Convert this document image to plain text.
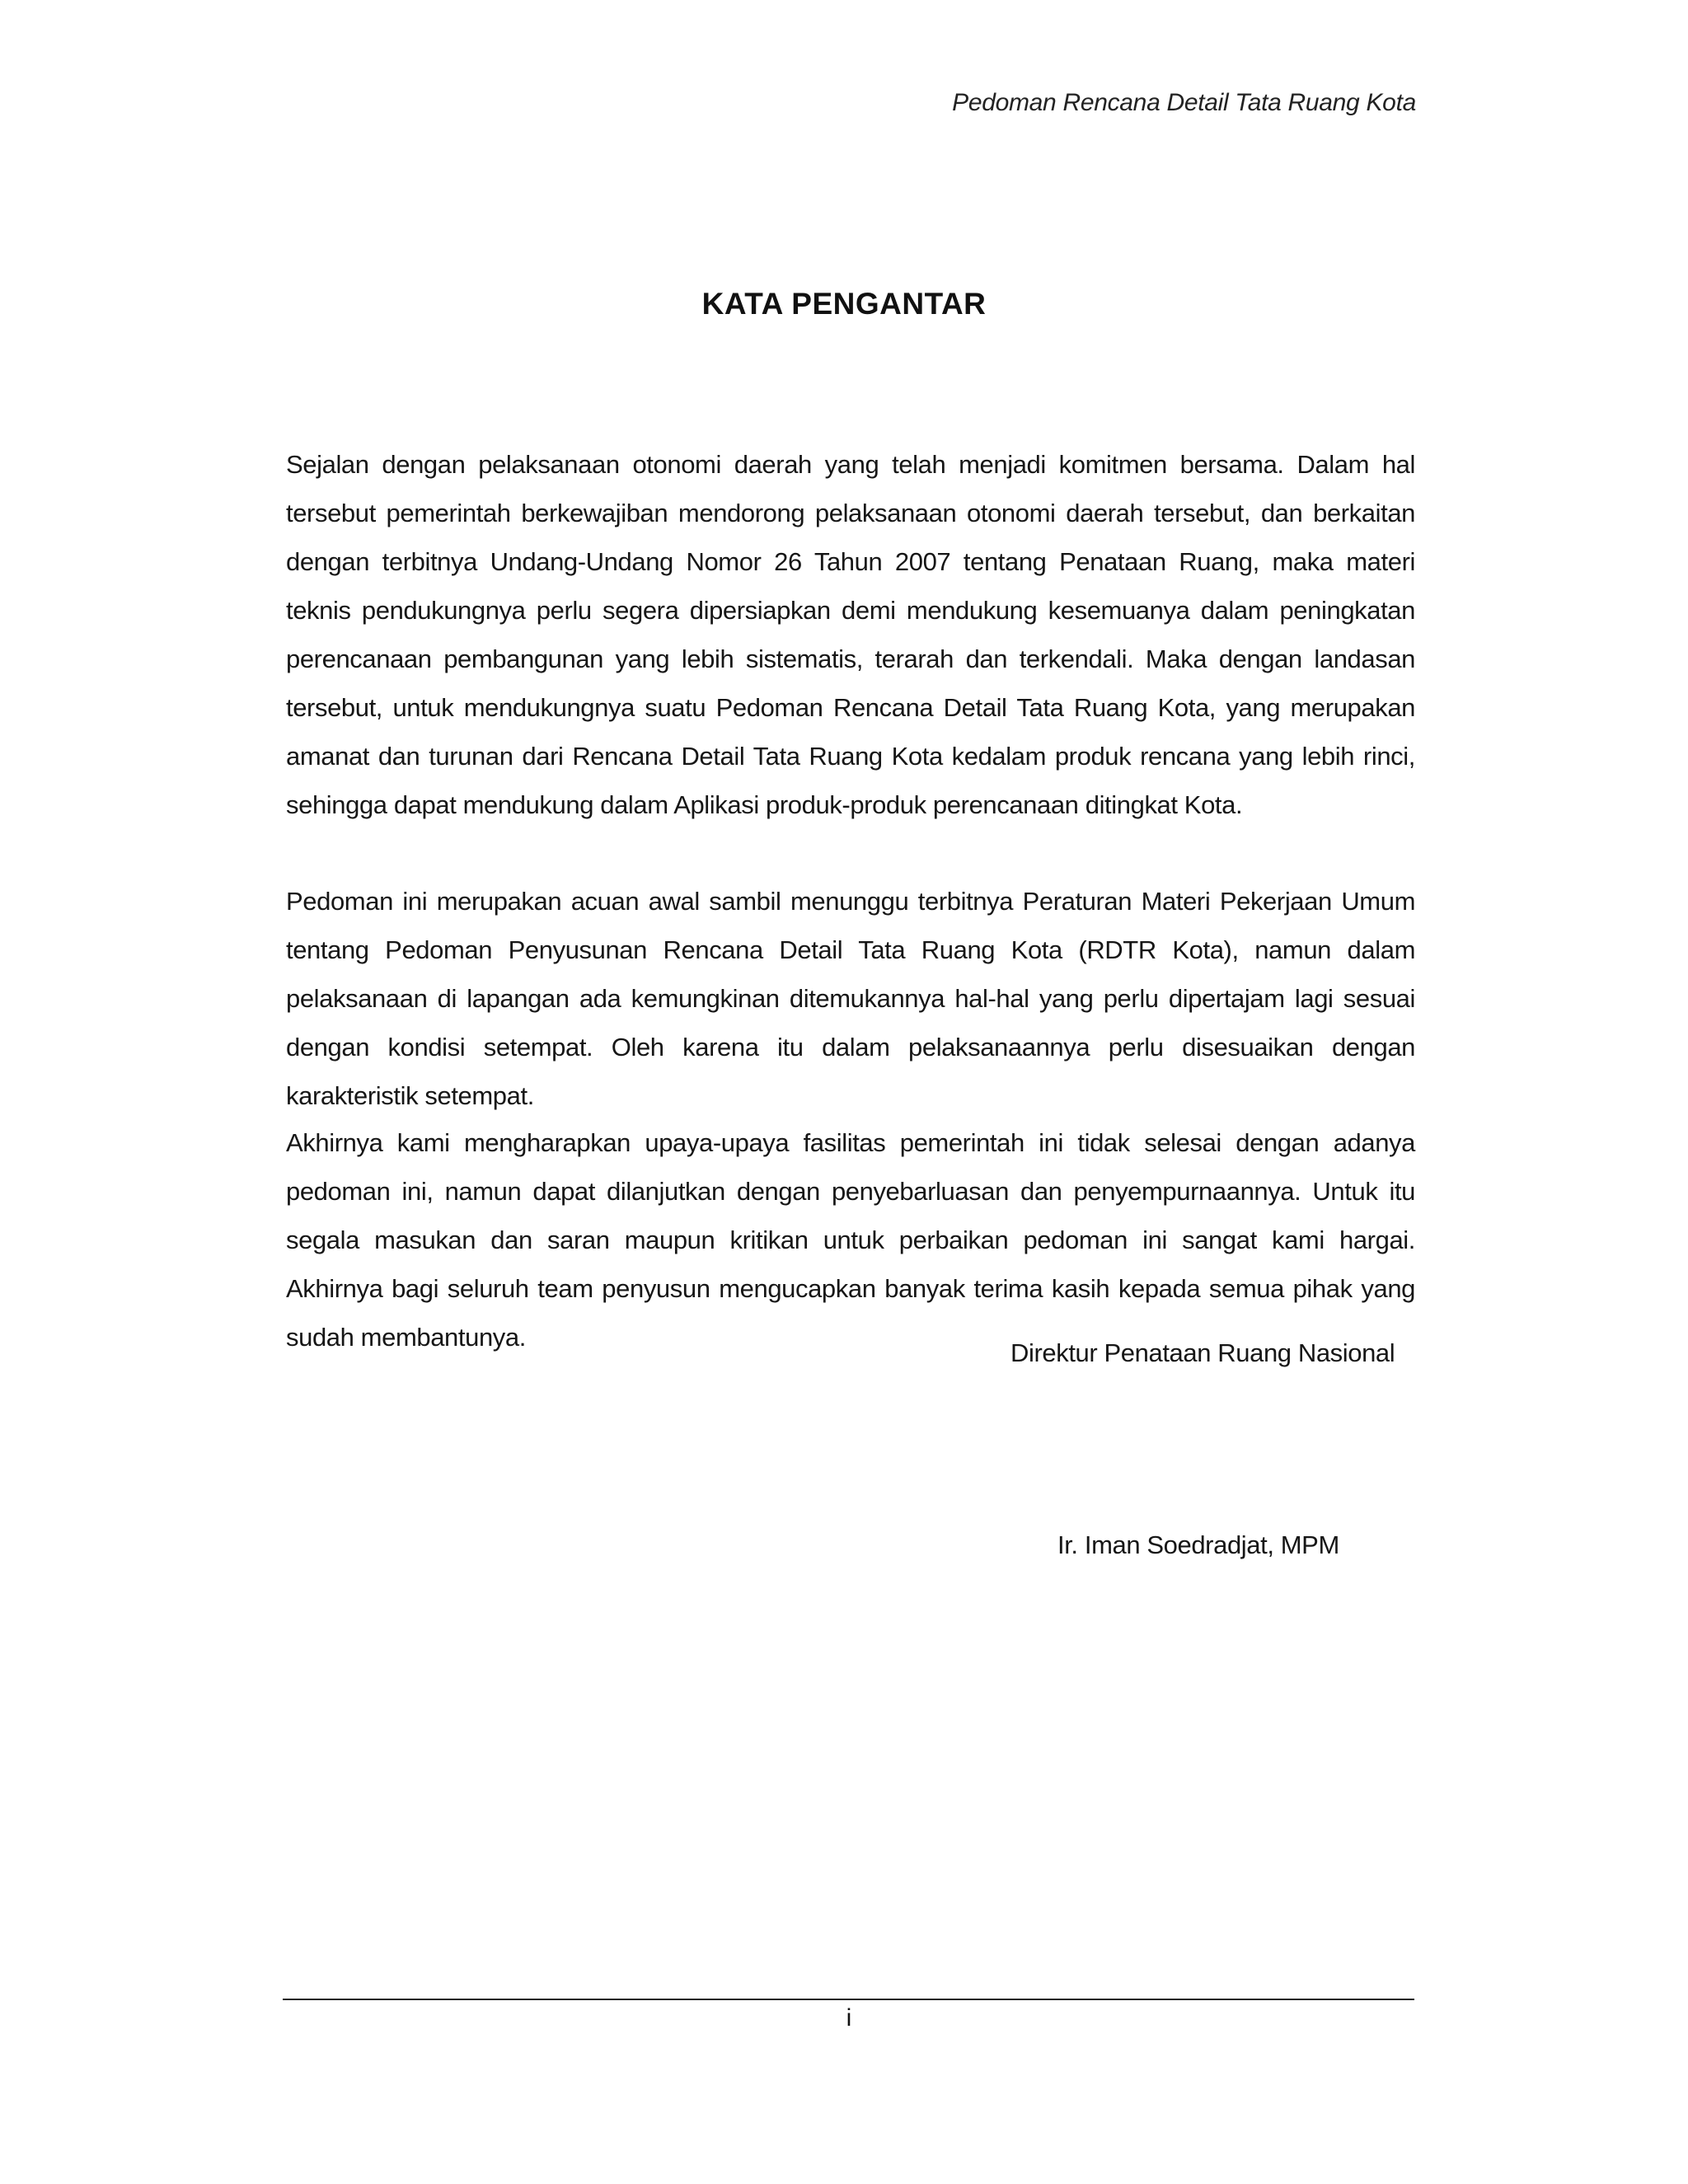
Pedoman Rencana Detail Tata Ruang Kota
KATA PENGANTAR

Sejalan dengan pelaksanaan otonomi daerah yang telah menjadi komitmen bersama. Dalam hal tersebut pemerintah berkewajiban mendorong pelaksanaan otonomi daerah tersebut, dan berkaitan dengan terbitnya Undang-Undang Nomor 26 Tahun 2007 tentang Penataan Ruang, maka materi teknis pendukungnya perlu segera dipersiapkan demi mendukung kesemuanya dalam peningkatan perencanaan pembangunan yang lebih sistematis, terarah dan terkendali. Maka dengan landasan tersebut, untuk mendukungnya suatu Pedoman Rencana Detail Tata Ruang Kota, yang merupakan amanat dan turunan dari Rencana Detail Tata Ruang Kota kedalam produk rencana yang lebih rinci, sehingga dapat mendukung dalam Aplikasi produk-produk perencanaan ditingkat Kota.

Pedoman ini merupakan acuan awal sambil menunggu terbitnya Peraturan Materi Pekerjaan Umum tentang Pedoman Penyusunan Rencana Detail Tata Ruang Kota (RDTR Kota), namun dalam pelaksanaan di lapangan ada kemungkinan ditemukannya hal-hal yang perlu dipertajam lagi sesuai dengan kondisi setempat. Oleh karena itu dalam pelaksanaannya perlu disesuaikan dengan karakteristik setempat.

Akhirnya kami mengharapkan upaya-upaya fasilitas pemerintah ini tidak selesai dengan adanya pedoman ini, namun dapat dilanjutkan dengan penyebarluasan dan penyempurnaannya. Untuk itu segala masukan dan saran maupun kritikan untuk perbaikan pedoman ini sangat kami hargai. Akhirnya bagi seluruh team penyusun mengucapkan banyak terima kasih kepada semua pihak yang sudah membantunya.

Direktur Penataan Ruang Nasional
Ir. Iman Soedradjat, MPM
i
